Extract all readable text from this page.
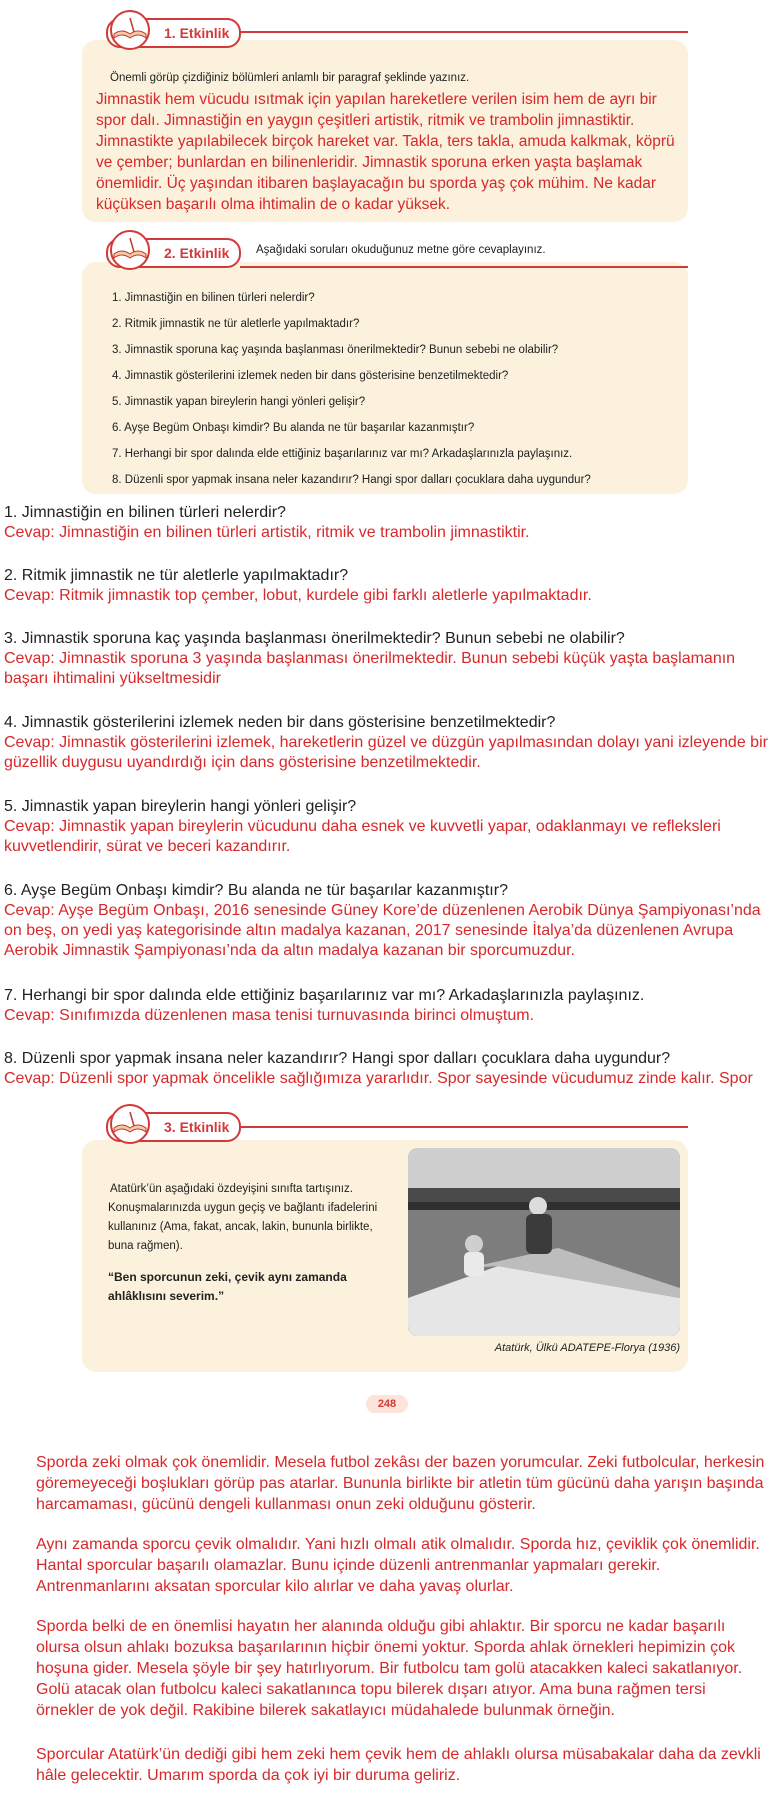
1. Etkinlik
Önemli görüp çizdiğiniz bölümleri anlamlı bir paragraf şeklinde yazınız.
Jimnastik hem vücudu ısıtmak için yapılan hareketlere verilen isim hem de ayrı bir spor dalı. Jimnastiğin en yaygın çeşitleri artistik, ritmik ve trambolin jimnastiktir. Jimnastikte yapılabilecek birçok hareket var. Takla, ters takla, amuda kalkmak, köprü ve çember; bunlardan en bilinenleridir. Jimnastik sporuna erken yaşta başlamak önemlidir. Üç yaşından itibaren başlayacağın bu sporda yaş çok mühim. Ne kadar küçüksen başarılı olma ihtimalin de o kadar yüksek.
2. Etkinlik	Aşağıdaki soruları okuduğunuz metne göre cevaplayınız.
1. Jimnastiğin en bilinen türleri nelerdir?
2. Ritmik jimnastik ne tür aletlerle yapılmaktadır?
3. Jimnastik sporuna kaç yaşında başlanması önerilmektedir? Bunun sebebi ne olabilir?
4. Jimnastik gösterilerini izlemek neden bir dans gösterisine benzetilmektedir?
5. Jimnastik yapan bireylerin hangi yönleri gelişir?
6. Ayşe Begüm Onbaşı kimdir? Bu alanda ne tür başarılar kazanmıştır?
7. Herhangi bir spor dalında elde ettiğiniz başarılarınız var mı? Arkadaşlarınızla paylaşınız.
8. Düzenli spor yapmak insana neler kazandırır? Hangi spor dalları çocuklara daha uygundur?
1. Jimnastiğin en bilinen türleri nelerdir?
Cevap: Jimnastiğin en bilinen türleri artistik, ritmik ve trambolin jimnastiktir.
2. Ritmik jimnastik ne tür aletlerle yapılmaktadır?
Cevap: Ritmik jimnastik top çember, lobut, kurdele gibi farklı aletlerle yapılmaktadır.
3. Jimnastik sporuna kaç yaşında başlanması önerilmektedir? Bunun sebebi ne olabilir?
Cevap: Jimnastik sporuna 3 yaşında başlanması önerilmektedir. Bunun sebebi küçük yaşta başlamanın başarı ihtimalini yükseltmesidir
4. Jimnastik gösterilerini izlemek neden bir dans gösterisine benzetilmektedir?
Cevap: Jimnastik gösterilerini izlemek, hareketlerin güzel ve düzgün yapılmasından dolayı yani izleyende bir güzellik duygusu uyandırdığı için dans gösterisine benzetilmektedir.
5. Jimnastik yapan bireylerin hangi yönleri gelişir?
Cevap: Jimnastik yapan bireylerin vücudunu daha esnek ve kuvvetli yapar, odaklanmayı ve refleksleri kuvvetlendirir, sürat ve beceri kazandırır.
6. Ayşe Begüm Onbaşı kimdir? Bu alanda ne tür başarılar kazanmıştır?
Cevap: Ayşe Begüm Onbaşı, 2016 senesinde Güney Kore’de düzenlenen Aerobik Dünya Şampiyonası’nda on beş, on yedi yaş kategorisinde altın madalya kazanan, 2017 senesinde İtalya’da düzenlenen Avrupa Aerobik Jimnastik Şampiyonası’nda da altın madalya kazanan bir sporcumuzdur.
7. Herhangi bir spor dalında elde ettiğiniz başarılarınız var mı? Arkadaşlarınızla paylaşınız.
Cevap: Sınıfımızda düzenlenen masa tenisi turnuvasında birinci olmuştum.
8. Düzenli spor yapmak insana neler kazandırır? Hangi spor dalları çocuklara daha uygundur?
Cevap: Düzenli spor yapmak öncelikle sağlığımıza yararlıdır. Spor sayesinde vücudumuz zinde kalır. Spor
3. Etkinlik
Atatürk’ün aşağıdaki özdeyişini sınıfta tartışınız. Konuşmalarınızda uygun geçiş ve bağlantı ifadelerini kullanınız (Ama, fakat, ancak, lakin, bununla birlikte, buna rağmen).
“Ben sporcunun zeki, çevik aynı zamanda ahlâklısını severim.”
Atatürk, Ülkü ADATEPE-Florya (1936)
248
Sporda zeki olmak çok önemlidir. Mesela futbol zekâsı der bazen yorumcular. Zeki futbolcular, herkesin göremeyeceği boşlukları görüp pas atarlar. Bununla birlikte bir atletin tüm gücünü daha yarışın başında harcamaması, gücünü dengeli kullanması onun zeki olduğunu gösterir.
Aynı zamanda sporcu çevik olmalıdır. Yani hızlı olmalı atik olmalıdır. Sporda hız, çeviklik çok önemlidir. Hantal sporcular başarılı olamazlar. Bunu içinde düzenli antrenmanlar yapmaları gerekir. Antrenmanlarını aksatan sporcular kilo alırlar ve daha yavaş olurlar.
Sporda belki de en önemlisi hayatın her alanında olduğu gibi ahlaktır. Bir sporcu ne kadar başarılı olursa olsun ahlakı bozuksa başarılarının hiçbir önemi yoktur. Sporda ahlak örnekleri hepimizin çok hoşuna gider. Mesela şöyle bir şey hatırlıyorum. Bir futbolcu tam golü atacakken kaleci sakatlanıyor. Golü atacak olan futbolcu kaleci sakatlanınca topu bilerek dışarı atıyor. Ama buna rağmen tersi örnekler de yok değil. Rakibine bilerek sakatlayıcı müdahalede bulunmak örneğin.
Sporcular Atatürk’ün dediği gibi hem zeki hem çevik hem de ahlaklı olursa müsabakalar daha da zevkli hâle gelecektir. Umarım sporda da çok iyi bir duruma geliriz.
